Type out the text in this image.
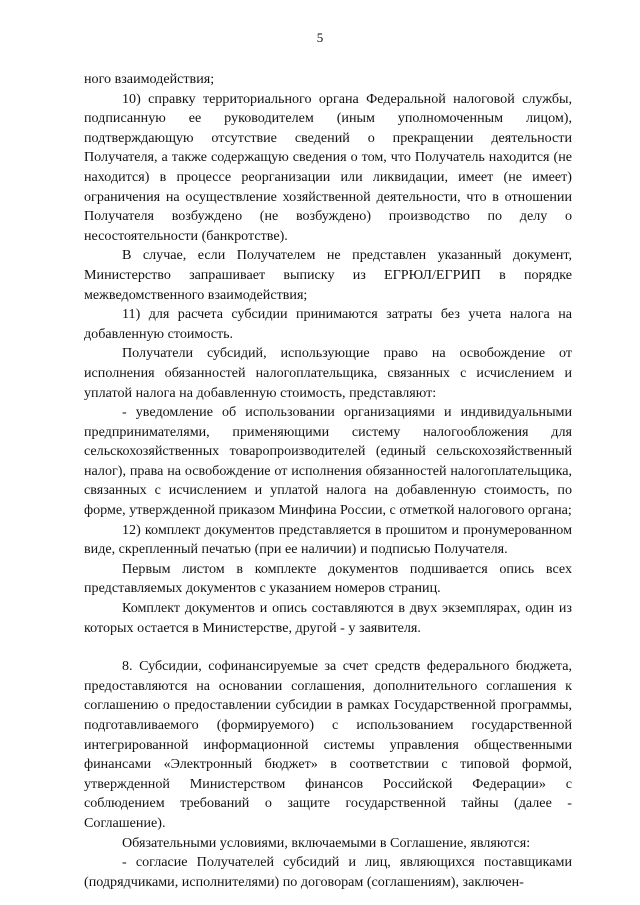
5

ного взаимодействия;

10) справку территориального органа Федеральной налоговой службы, подписанную ее руководителем (иным уполномоченным лицом), подтверждающую отсутствие сведений о прекращении деятельности Получателя, а также содержащую сведения о том, что Получатель находится (не находится) в процессе реорганизации или ликвидации, имеет (не имеет) ограничения на осуществление хозяйственной деятельности, что в отношении Получателя возбуждено (не возбуждено) производство по делу о несостоятельности (банкротстве).

В случае, если Получателем не представлен указанный документ, Министерство запрашивает выписку из ЕГРЮЛ/ЕГРИП в порядке межведомственного взаимодействия;

11) для расчета субсидии принимаются затраты без учета налога на добавленную стоимость.

Получатели субсидий, использующие право на освобождение от исполнения обязанностей налогоплательщика, связанных с исчислением и уплатой налога на добавленную стоимость, представляют:

- уведомление об использовании организациями и индивидуальными предпринимателями, применяющими систему налогообложения для сельскохозяйственных товаропроизводителей (единый сельскохозяйственный налог), права на освобождение от исполнения обязанностей налогоплательщика, связанных с исчислением и уплатой налога на добавленную стоимость, по форме, утвержденной приказом Минфина России, с отметкой налогового органа;

12) комплект документов представляется в прошитом и пронумерованном виде, скрепленный печатью (при ее наличии) и подписью Получателя.

Первым листом в комплекте документов подшивается опись всех представляемых документов с указанием номеров страниц.

Комплект документов и опись составляются в двух экземплярах, один из которых остается в Министерстве, другой - у заявителя.

8. Субсидии, софинансируемые за счет средств федерального бюджета, предоставляются на основании соглашения, дополнительного соглашения к соглашению о предоставлении субсидии в рамках Государственной программы, подготавливаемого (формируемого) с использованием государственной интегрированной информационной системы управления общественными финансами «Электронный бюджет» в соответствии с типовой формой, утвержденной Министерством финансов Российской Федерации» с соблюдением требований о защите государственной тайны (далее - Соглашение).

Обязательными условиями, включаемыми в Соглашение, являются:

- согласие Получателей субсидий и лиц, являющихся поставщиками (подрядчиками, исполнителями) по договорам (соглашениям), заключен-
